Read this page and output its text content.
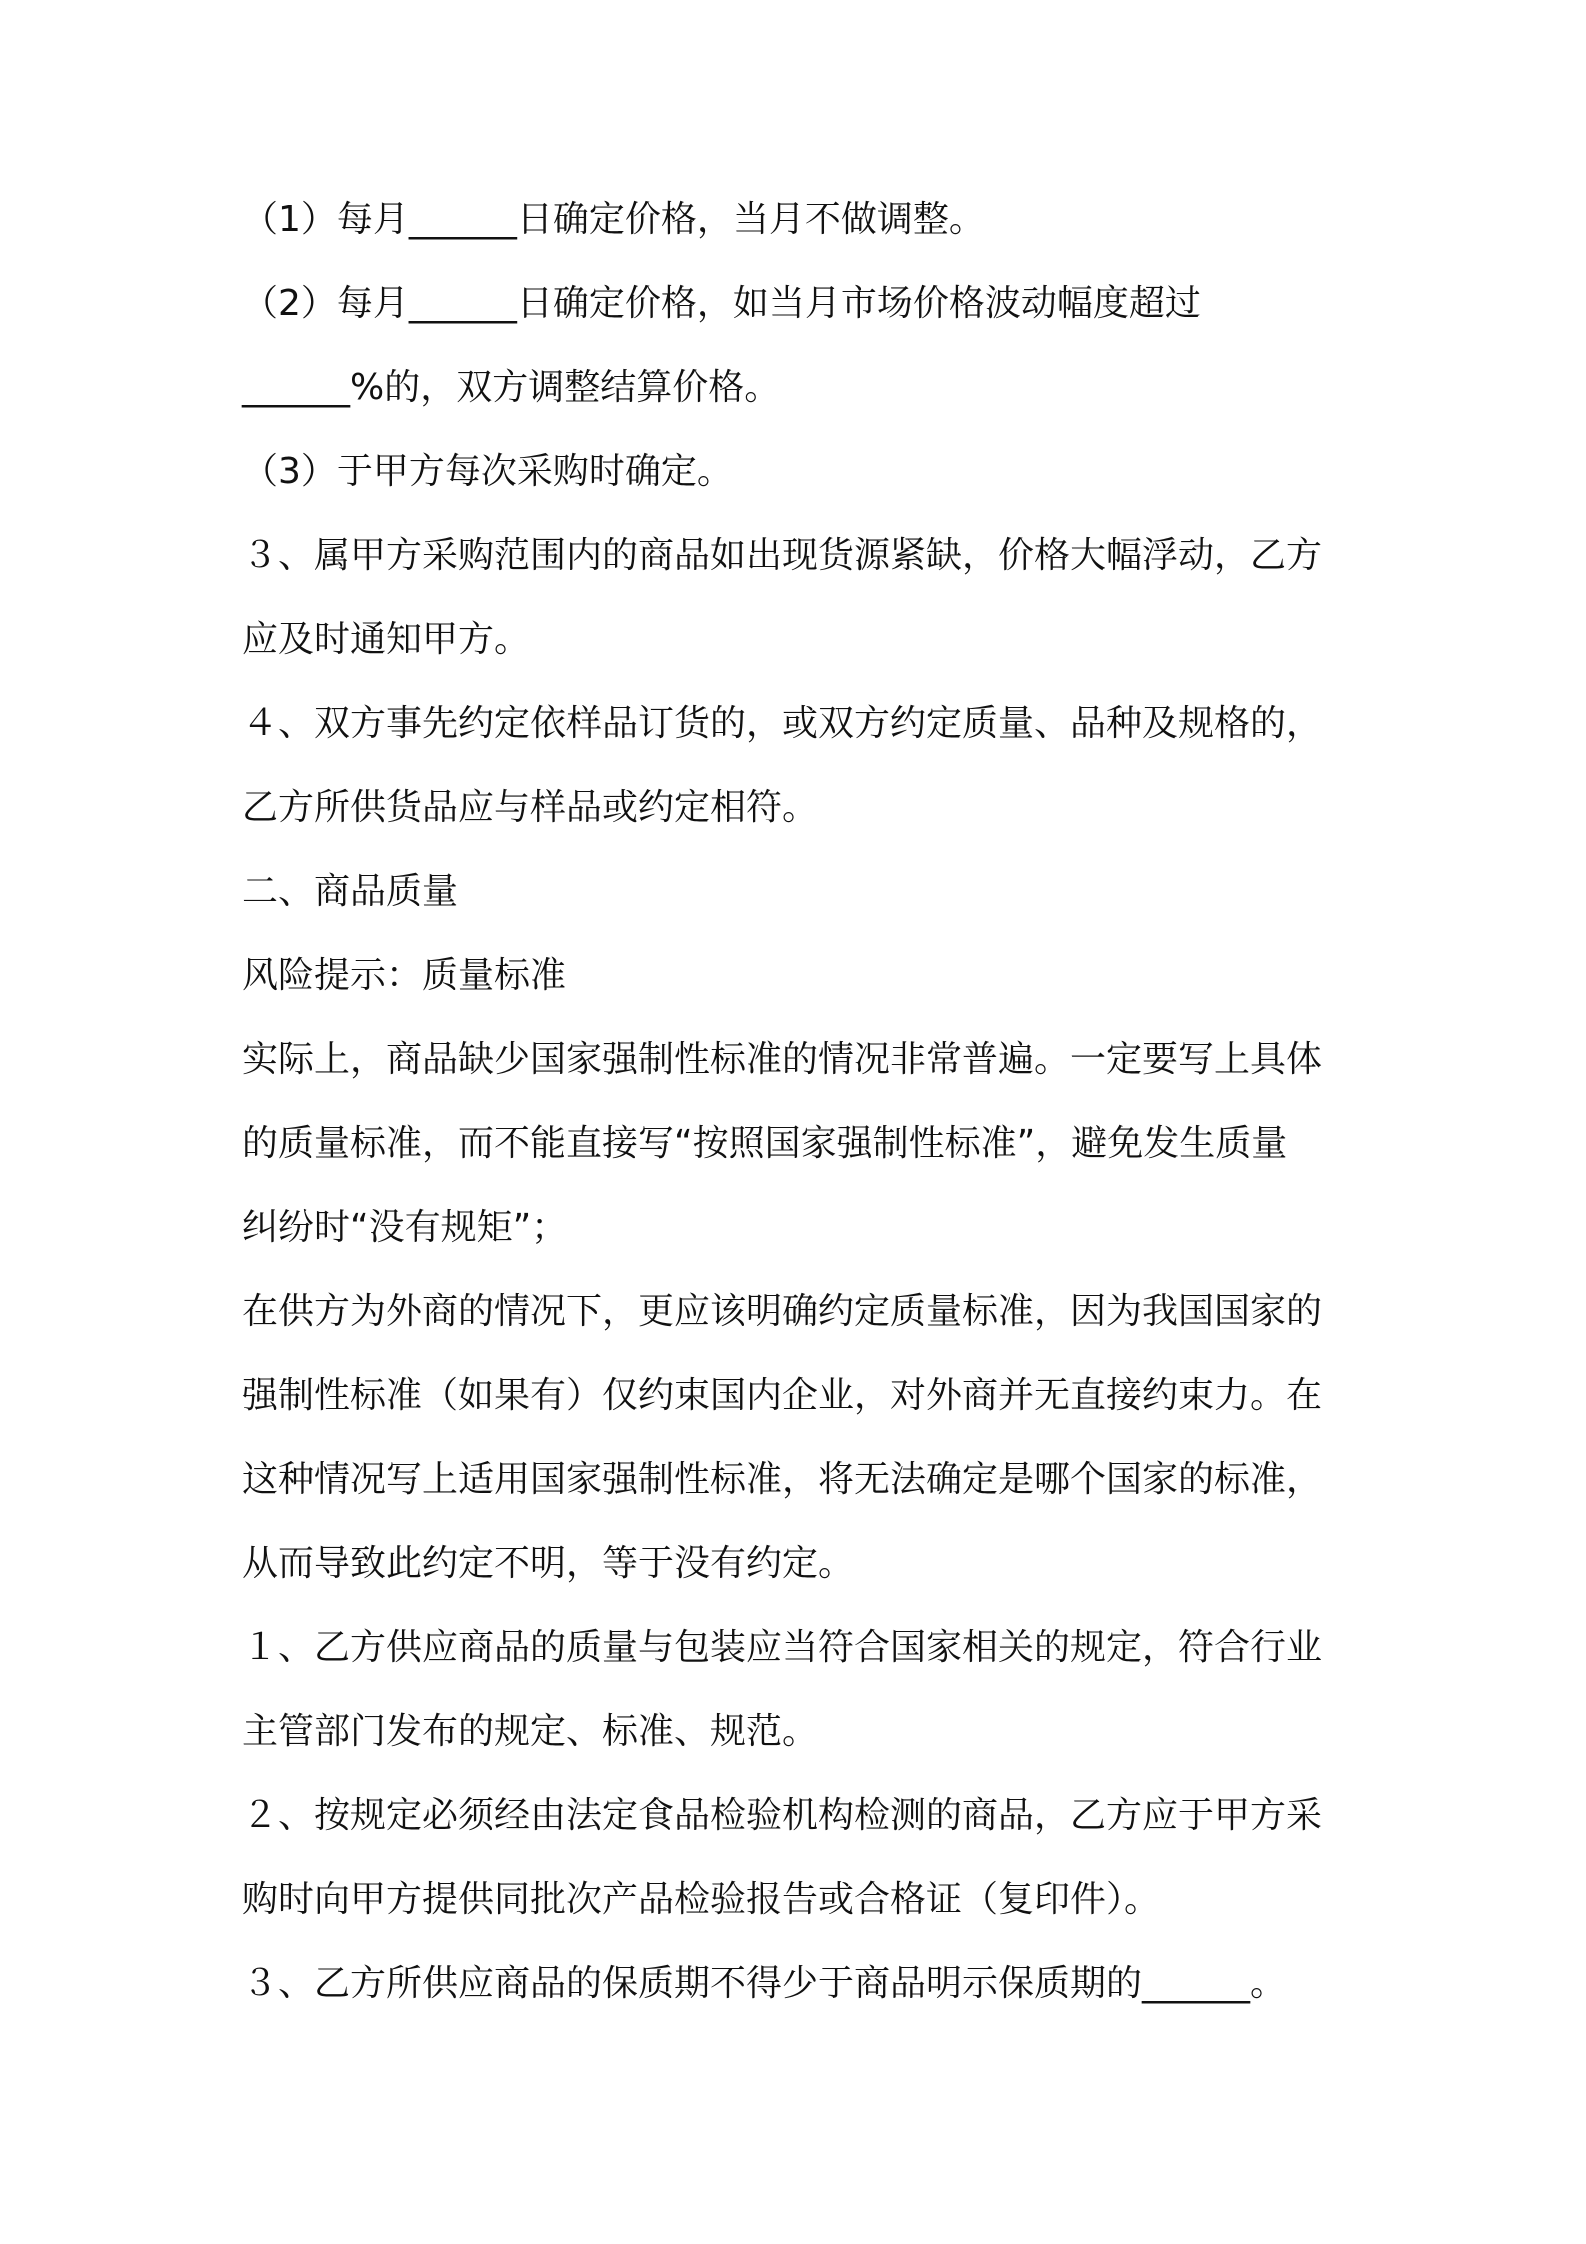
（1）每月______日确定价格，当月不做调整。
（2）每月______日确定价格，如当月市场价格波动幅度超过
______%的，双方调整结算价格。
（3）于甲方每次采购时确定。
３、属甲方采购范围内的商品如出现货源紧缺，价格大幅浮动，乙方
应及时通知甲方。
４、双方事先约定依样品订货的，或双方约定质量、品种及规格的，
乙方所供货品应与样品或约定相符。
二、商品质量
风险提示：质量标准
实际上，商品缺少国家强制性标准的情况非常普遍。一定要写上具体
的质量标准，而不能直接写“按照国家强制性标准”，避免发生质量
纠纷时“没有规矩”；
在供方为外商的情况下，更应该明确约定质量标准，因为我国国家的
强制性标准（如果有）仅约束国内企业，对外商并无直接约束力。在
这种情况写上适用国家强制性标准，将无法确定是哪个国家的标准，
从而导致此约定不明，等于没有约定。
１、乙方供应商品的质量与包装应当符合国家相关的规定，符合行业
主管部门发布的规定、标准、规范。
２、按规定必须经由法定食品检验机构检测的商品，乙方应于甲方采
购时向甲方提供同批次产品检验报告或合格证（复印件）。
３、乙方所供应商品的保质期不得少于商品明示保质期的______。
